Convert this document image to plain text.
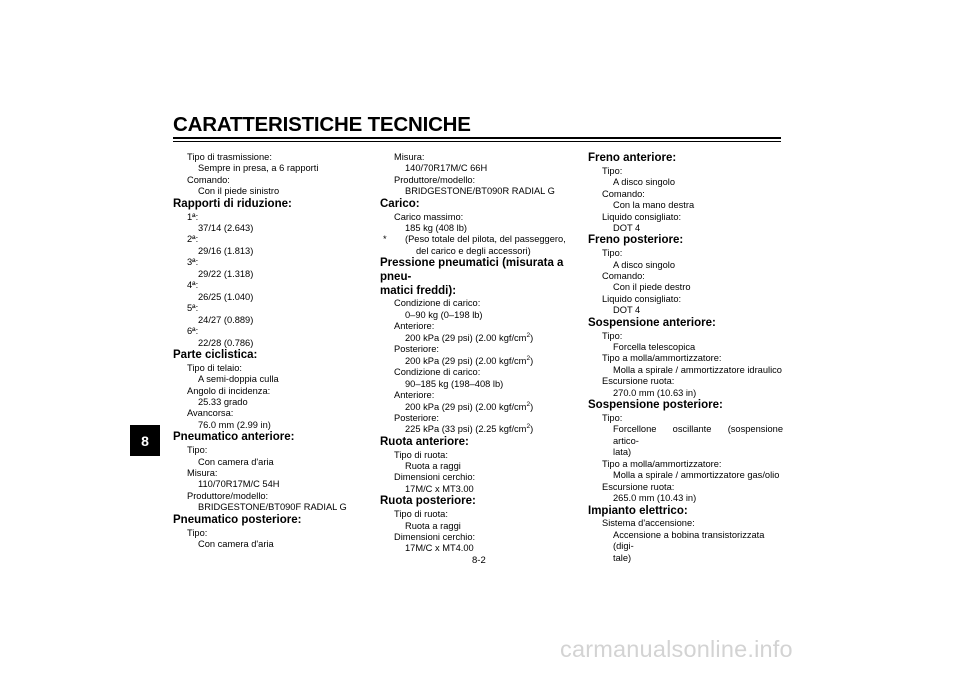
CARATTERISTICHE TECNICHE
8
Tipo di trasmissione:
Sempre in presa, a 6 rapporti
Comando:
Con il piede sinistro
Rapporti di riduzione:
1ª:
37/14 (2.643)
2ª:
29/16 (1.813)
3ª:
29/22 (1.318)
4ª:
26/25 (1.040)
5ª:
24/27 (0.889)
6ª:
22/28 (0.786)
Parte ciclistica:
Tipo di telaio:
A semi-doppia culla
Angolo di incidenza:
25.33 grado
Avancorsa:
76.0 mm (2.99 in)
Pneumatico anteriore:
Tipo:
Con camera d'aria
Misura:
110/70R17M/C 54H
Produttore/modello:
BRIDGESTONE/BT090F RADIAL G
Pneumatico posteriore:
Tipo:
Con camera d'aria
Misura:
140/70R17M/C 66H
Produttore/modello:
BRIDGESTONE/BT090R RADIAL G
Carico:
Carico massimo:
185 kg (408 lb)
*	(Peso totale del pilota, del passeggero, del carico e degli accessori)
Pressione pneumatici (misurata a pneu-
matici freddi):
Condizione di carico:
0–90 kg (0–198 lb)
Anteriore:
200 kPa (29 psi) (2.00 kgf/$cm^2$)
Posteriore:
200 kPa (29 psi) (2.00 kgf/$cm^2$)
Condizione di carico:
90–185 kg (198–408 lb)
Anteriore:
200 kPa (29 psi) (2.00 kgf/$cm^2$)
Posteriore:
225 kPa (33 psi) (2.25 kgf/$cm^2$)
Ruota anteriore:
Tipo di ruota:
Ruota a raggi
Dimensioni cerchio:
17M/C x MT3.00
Ruota posteriore:
Tipo di ruota:
Ruota a raggi
Dimensioni cerchio:
17M/C x MT4.00
Freno anteriore:
Tipo:
A disco singolo
Comando:
Con la mano destra
Liquido consigliato:
DOT 4
Freno posteriore:
Tipo:
A disco singolo
Comando:
Con il piede destro
Liquido consigliato:
DOT 4
Sospensione anteriore:
Tipo:
Forcella telescopica
Tipo a molla/ammortizzatore:
Molla a spirale / ammortizzatore idraulico
Escursione ruota:
270.0 mm (10.63 in)
Sospensione posteriore:
Tipo:
Forcellone oscillante (sospensione artico-
lata)
Tipo a molla/ammortizzatore:
Molla a spirale / ammortizzatore gas/olio
Escursione ruota:
265.0 mm (10.43 in)
Impianto elettrico:
Sistema d'accensione:
Accensione a bobina transistorizzata (digi-
tale)
8-2
carmanualsonline.info
